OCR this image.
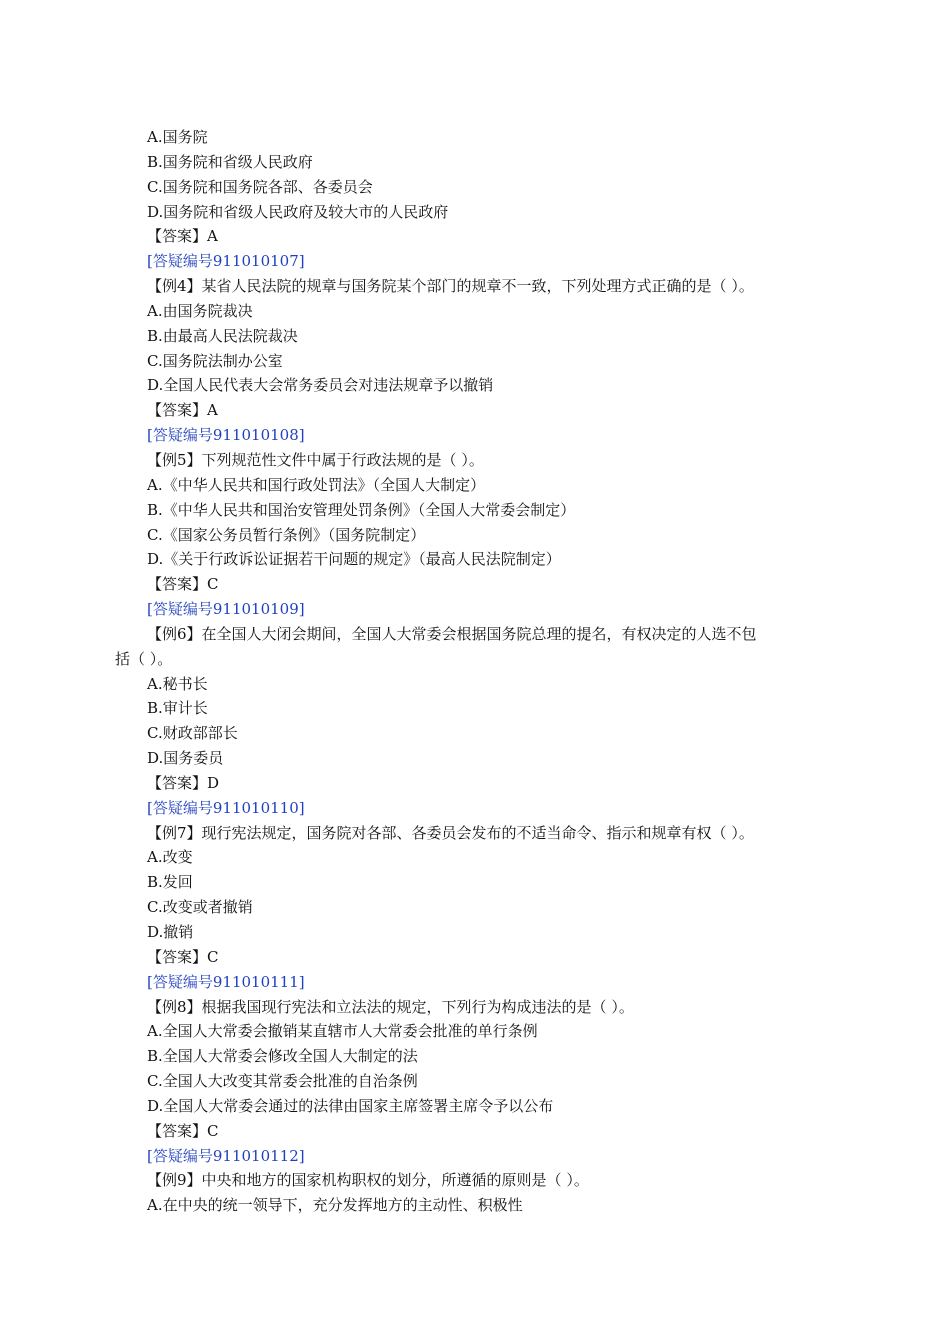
A.国务院
B.国务院和省级人民政府
C.国务院和国务院各部、各委员会
D.国务院和省级人民政府及较大市的人民政府
【答案】A
[答疑编号911010107]
【例4】某省人民法院的规章与国务院某个部门的规章不一致，下列处理方式正确的是（ ）。
A.由国务院裁决
B.由最高人民法院裁决
C.国务院法制办公室
D.全国人民代表大会常务委员会对违法规章予以撤销
【答案】A
[答疑编号911010108]
【例5】下列规范性文件中属于行政法规的是（ ）。
A.《中华人民共和国行政处罚法》（全国人大制定）
B.《中华人民共和国治安管理处罚条例》（全国人大常委会制定）
C.《国家公务员暂行条例》（国务院制定）
D.《关于行政诉讼证据若干问题的规定》（最高人民法院制定）
【答案】C
[答疑编号911010109]
【例6】在全国人大闭会期间，全国人大常委会根据国务院总理的提名，有权决定的人选不包
括（ ）。
A.秘书长
B.审计长
C.财政部部长
D.国务委员
【答案】D
[答疑编号911010110]
【例7】现行宪法规定，国务院对各部、各委员会发布的不适当命令、指示和规章有权（ ）。
A.改变
B.发回
C.改变或者撤销
D.撤销
【答案】C
[答疑编号911010111]
【例8】根据我国现行宪法和立法法的规定，下列行为构成违法的是（ ）。
A.全国人大常委会撤销某直辖市人大常委会批准的单行条例
B.全国人大常委会修改全国人大制定的法
C.全国人大改变其常委会批准的自治条例
D.全国人大常委会通过的法律由国家主席签署主席令予以公布
【答案】C
[答疑编号911010112]
【例9】中央和地方的国家机构职权的划分，所遵循的原则是（ ）。
A.在中央的统一领导下，充分发挥地方的主动性、积极性
